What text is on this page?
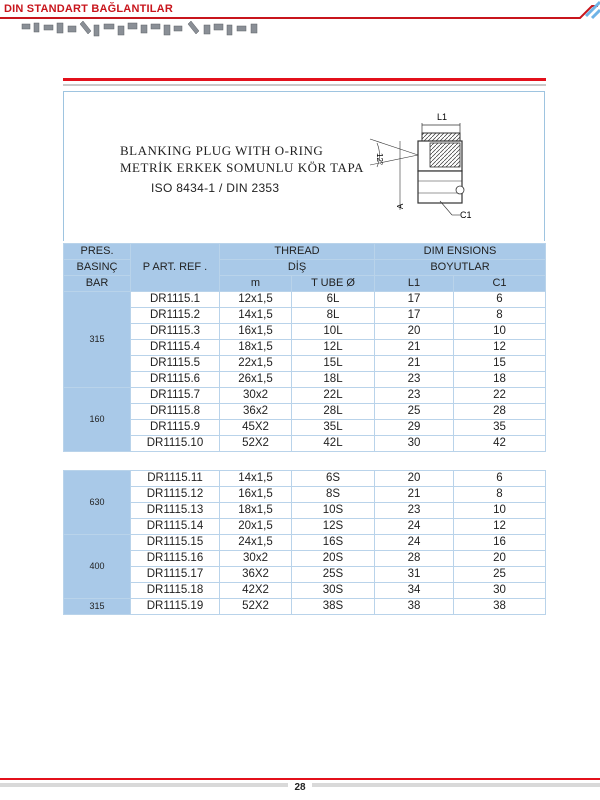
DIN STANDART BAĞLANTILAR
BLANKING PLUG WITH O-RING
METRİK ERKEK SOMUNLU KÖR TAPA
ISO 8434-1 / DIN 2353
L1
12°
A
C1
PRES.	P ART. REF .	THREAD		DIM ENSIONS	
BASINÇ		DİŞ		BOYUTLAR	
BAR		m	T UBE Ø	L1	C1
315	DR1115.1	12x1,5	6L	17	6
	DR1115.2	14x1,5	8L	17	8
	DR1115.3	16x1,5	10L	20	10
	DR1115.4	18x1,5	12L	21	12
	DR1115.5	22x1,5	15L	21	15
	DR1115.6	26x1,5	18L	23	18
160	DR1115.7	30x2	22L	23	22
	DR1115.8	36x2	28L	25	28
	DR1115.9	45X2	35L	29	35
	DR1115.10	52X2	42L	30	42
630	DR1115.11	14x1,5	6S	20	6
	DR1115.12	16x1,5	8S	21	8
	DR1115.13	18x1,5	10S	23	10
	DR1115.14	20x1,5	12S	24	12
400	DR1115.15	24x1,5	16S	24	16
	DR1115.16	30x2	20S	28	20
	DR1115.17	36X2	25S	31	25
	DR1115.18	42X2	30S	34	30
315	DR1115.19	52X2	38S	38	38
28
